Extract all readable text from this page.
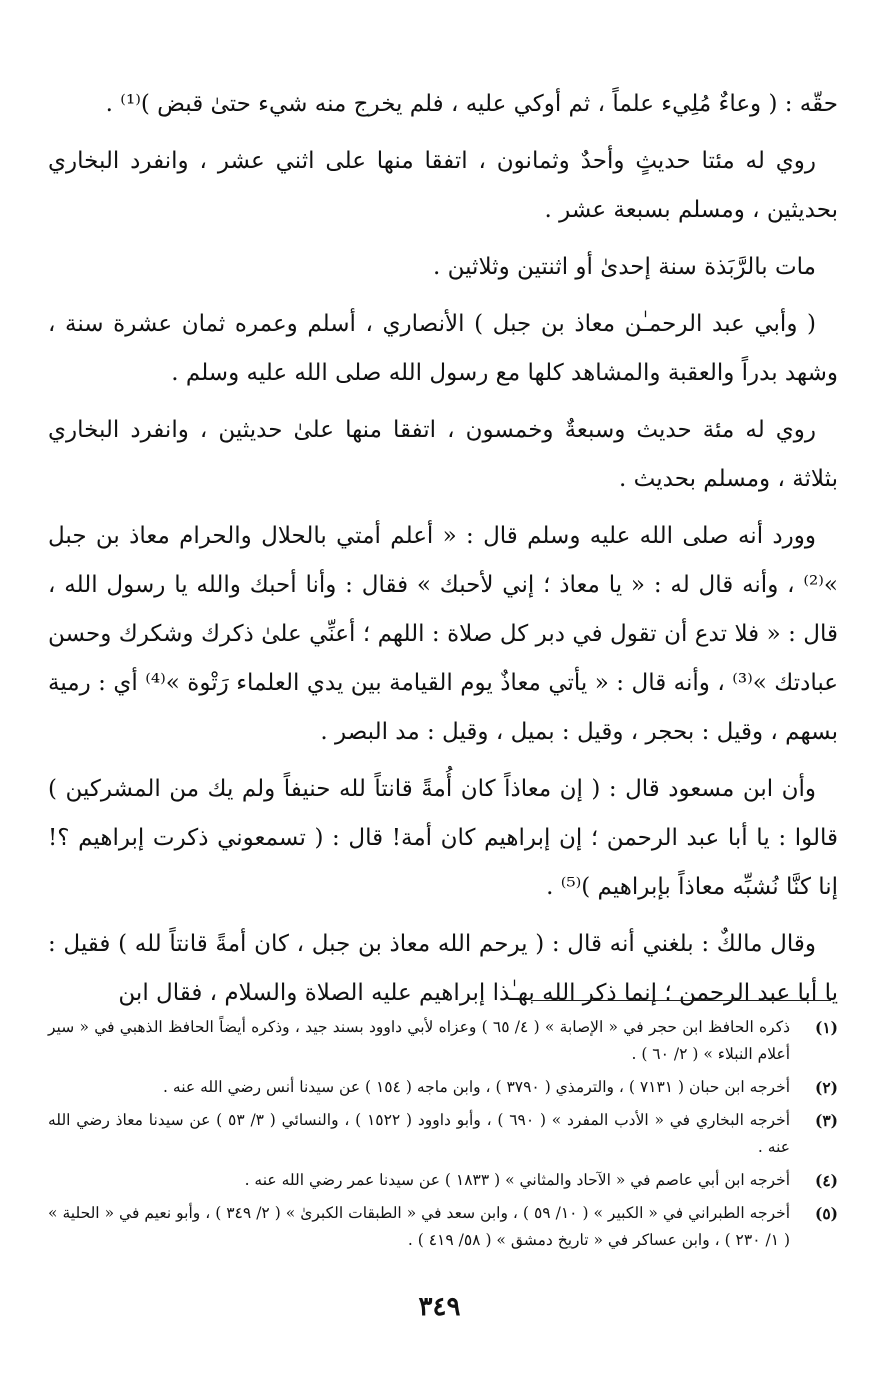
حقّه : ( وعاءٌ مُلِيء علماً ، ثم أوكي عليه ، فلم يخرج منه شيء حتىٰ قبض )⁽¹⁾ .

روي له مئتا حديثٍ وأحدٌ وثمانون ، اتفقا منها على اثني عشر ، وانفرد البخاري بحديثين ، ومسلم بسبعة عشر .

مات بالرَّبَذة سنة إحدىٰ أو اثنتين وثلاثين .

( وأبي عبد الرحمـٰن معاذ بن جبل ) الأنصاري ، أسلم وعمره ثمان عشرة سنة ، وشهد بدراً والعقبة والمشاهد كلها مع رسول الله صلى الله عليه وسلم .

روي له مئة حديث وسبعةٌ وخمسون ، اتفقا منها علىٰ حديثين ، وانفرد البخاري بثلاثة ، ومسلم بحديث .

وورد أنه صلى الله عليه وسلم قال : « أعلم أمتي بالحلال والحرام معاذ بن جبل »⁽²⁾ ، وأنه قال له : « يا معاذ ؛ إني لأحبك » فقال : وأنا أحبك والله يا رسول الله ، قال : « فلا تدع أن تقول في دبر كل صلاة : اللهم ؛ أعنِّي علىٰ ذكرك وشكرك وحسن عبادتك »⁽³⁾ ، وأنه قال : « يأتي معاذٌ يوم القيامة بين يدي العلماء رَتْوة »⁽⁴⁾ أي : رمية بسهم ، وقيل : بحجر ، وقيل : بميل ، وقيل : مد البصر .

وأن ابن مسعود قال : ( إن معاذاً كان أُمةً قانتاً لله حنيفاً ولم يك من المشركين ) قالوا : يا أبا عبد الرحمن ؛ إن إبراهيم كان أمة! قال : ( تسمعوني ذكرت إبراهيم ؟! إنا كنَّا نُشبِّه معاذاً بإبراهيم )⁽⁵⁾ .

وقال مالكٌ : بلغني أنه قال : ( يرحم الله معاذ بن جبل ، كان أمةً قانتاً لله ) فقيل : يا أبا عبد الرحمن ؛ إنما ذكر الله بهـٰذا إبراهيم عليه الصلاة والسلام ، فقال ابن

(١)
ذكره الحافظ ابن حجر في « الإصابة » ( ٤/ ٦٥ ) وعزاه لأبي داوود بسند جيد ، وذكره أيضاً الحافظ الذهبي في « سير أعلام النبلاء » ( ٢/ ٦٠ ) .
(٢)
أخرجه ابن حبان ( ٧١٣١ ) ، والترمذي ( ٣٧٩٠ ) ، وابن ماجه ( ١٥٤ ) عن سيدنا أنس رضي الله عنه .
(٣)
أخرجه البخاري في « الأدب المفرد » ( ٦٩٠ ) ، وأبو داوود ( ١٥٢٢ ) ، والنسائي ( ٣/ ٥٣ ) عن سيدنا معاذ رضي الله عنه .
(٤)
أخرجه ابن أبي عاصم في « الآحاد والمثاني » ( ١٨٣٣ ) عن سيدنا عمر رضي الله عنه .
(٥)
أخرجه الطبراني في « الكبير » ( ١٠/ ٥٩ ) ، وابن سعد في « الطبقات الكبرىٰ » ( ٢/ ٣٤٩ ) ، وأبو نعيم في « الحلية » ( ١/ ٢٣٠ ) ، وابن عساكر في « تاريخ دمشق » ( ٥٨/ ٤١٩ ) .
٣٤٩
